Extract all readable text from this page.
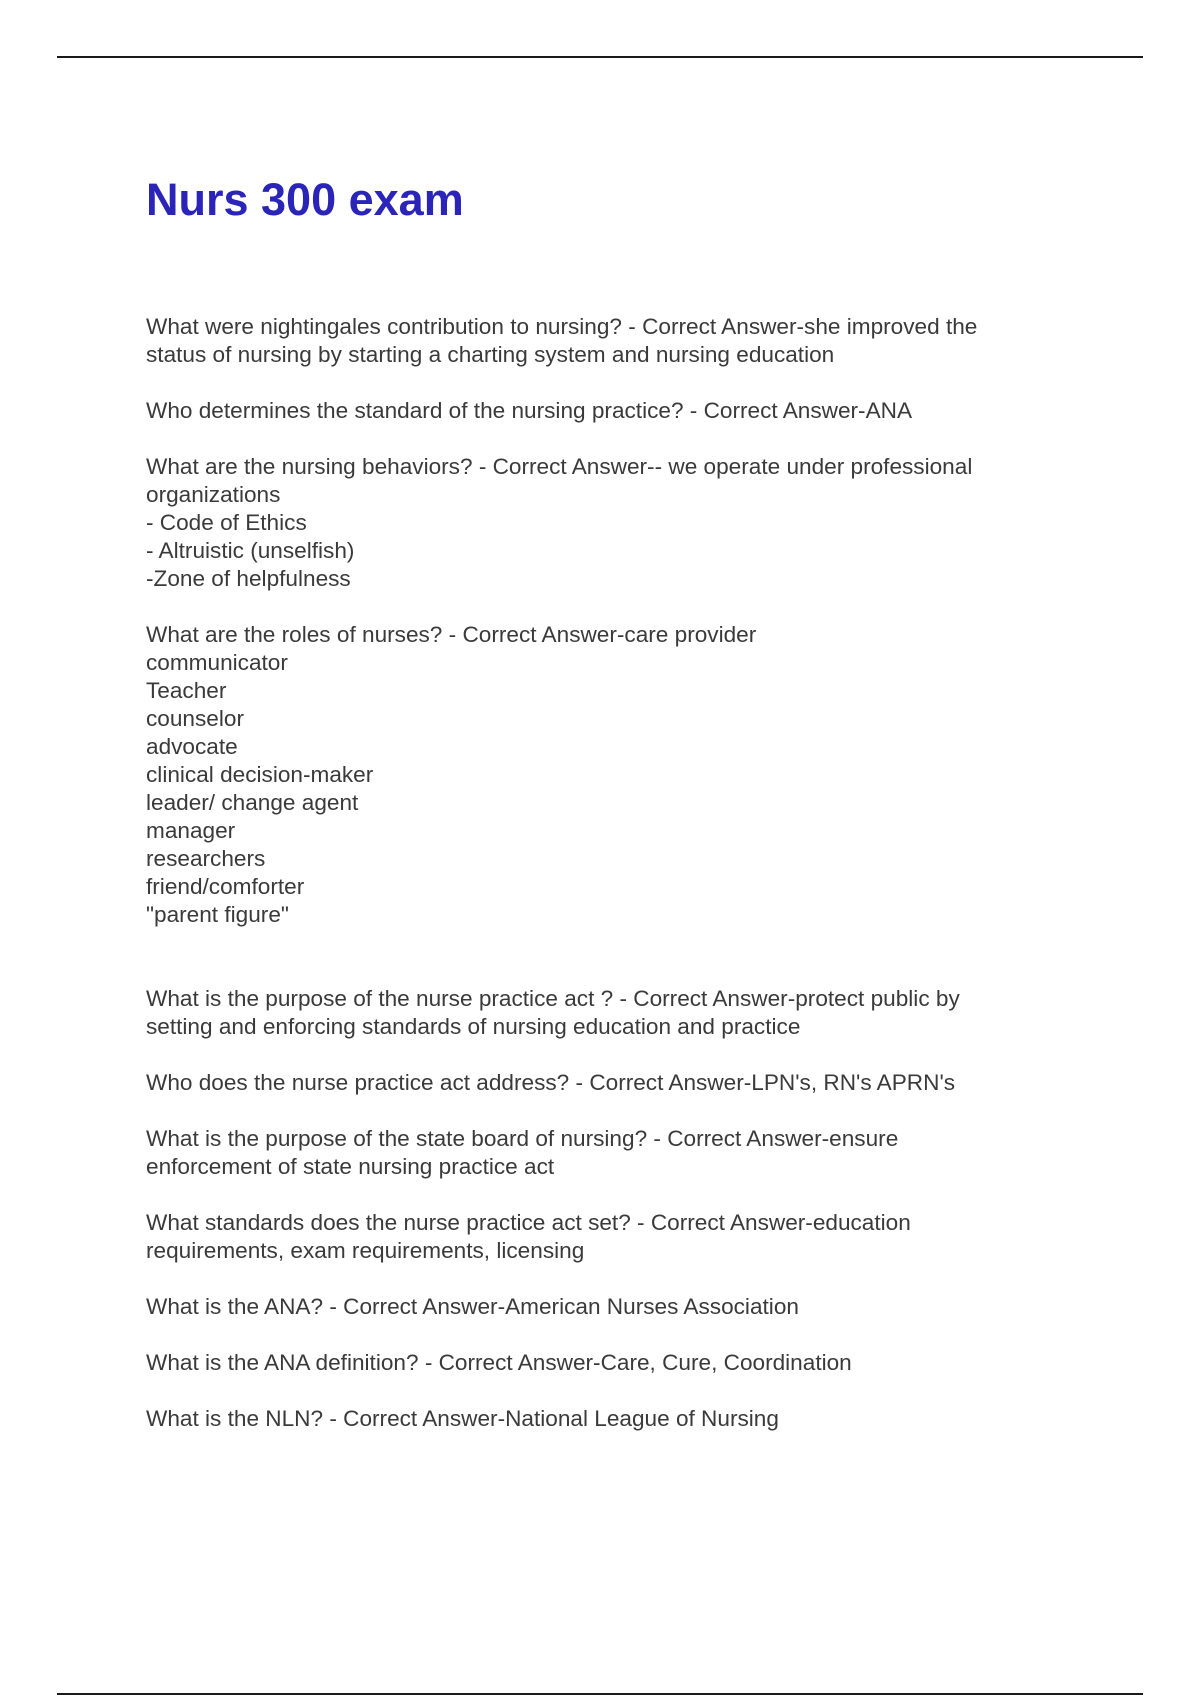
Nurs 300 exam
What were nightingales contribution to nursing? - Correct Answer-she improved the
status of nursing by starting a charting system and nursing education
Who determines the standard of the nursing practice? - Correct Answer-ANA
What are the nursing behaviors? - Correct Answer-- we operate under professional
organizations
- Code of Ethics
- Altruistic (unselfish)
-Zone of helpfulness
What are the roles of nurses? - Correct Answer-care provider
communicator
Teacher
counselor
advocate
clinical decision-maker
leader/ change agent
manager
researchers
friend/comforter
"parent figure"
What is the purpose of the nurse practice act ? - Correct Answer-protect public by
setting and enforcing standards of nursing education and practice
Who does the nurse practice act address? - Correct Answer-LPN's, RN's APRN's
What is the purpose of the state board of nursing? - Correct Answer-ensure
enforcement of state nursing practice act
What standards does the nurse practice act set? - Correct Answer-education
requirements, exam requirements, licensing
What is the ANA? - Correct Answer-American Nurses Association
What is the ANA definition? - Correct Answer-Care, Cure, Coordination
What is the NLN? - Correct Answer-National League of Nursing
